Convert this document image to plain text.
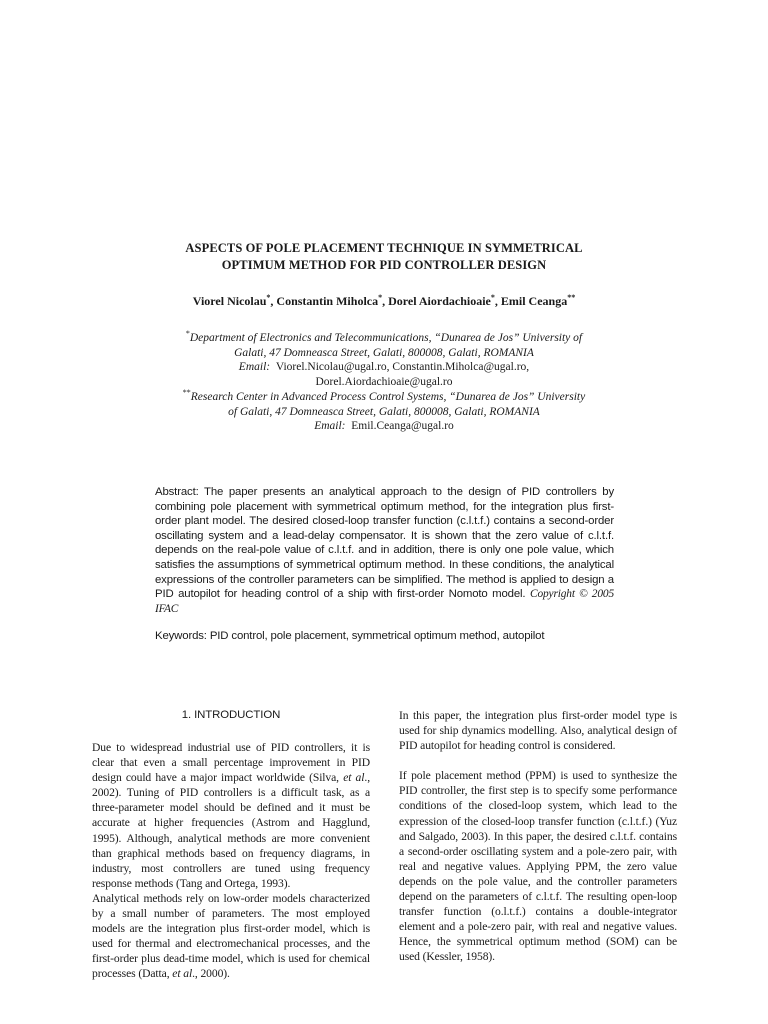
ASPECTS OF POLE PLACEMENT TECHNIQUE IN SYMMETRICAL
OPTIMUM METHOD FOR PID CONTROLLER DESIGN
Viorel Nicolau*, Constantin Miholca*, Dorel Aiordachioaie*, Emil Ceanga**
*Department of Electronics and Telecommunications, “Dunarea de Jos” University of
Galati, 47 Domneasca Street, Galati, 800008, Galati, ROMANIA
Email: Viorel.Nicolau@ugal.ro, Constantin.Miholca@ugal.ro,
Dorel.Aiordachioaie@ugal.ro
**Research Center in Advanced Process Control Systems, “Dunarea de Jos” University
of Galati, 47 Domneasca Street, Galati, 800008, Galati, ROMANIA
Email: Emil.Ceanga@ugal.ro
Abstract: The paper presents an analytical approach to the design of PID controllers by combining pole placement with symmetrical optimum method, for the integration plus first-order plant model. The desired closed-loop transfer function (c.l.t.f.) contains a second-order oscillating system and a lead-delay compensator. It is shown that the zero value of c.l.t.f. depends on the real-pole value of c.l.t.f. and in addition, there is only one pole value, which satisfies the assumptions of symmetrical optimum method. In these conditions, the analytical expressions of the controller parameters can be simplified. The method is applied to design a PID autopilot for heading control of a ship with first-order Nomoto model. Copyright © 2005 IFAC
Keywords: PID control, pole placement, symmetrical optimum method, autopilot
1. INTRODUCTION

Due to widespread industrial use of PID controllers, it is clear that even a small percentage improvement in PID design could have a major impact worldwide (Silva, et al., 2002). Tuning of PID controllers is a difficult task, as a three-parameter model should be defined and it must be accurate at higher frequencies (Astrom and Hagglund, 1995). Although, analytical methods are more convenient than graphical methods based on frequency diagrams, in industry, most controllers are tuned using frequency response methods (Tang and Ortega, 1993).

Analytical methods rely on low-order models characterized by a small number of parameters. The most employed models are the integration plus first-order model, which is used for thermal and electromechanical processes, and the first-order plus dead-time model, which is used for chemical processes (Datta, et al., 2000).

In this paper, the integration plus first-order model type is used for ship dynamics modelling. Also, analytical design of PID autopilot for heading control is considered.

If pole placement method (PPM) is used to synthesize the PID controller, the first step is to specify some performance conditions of the closed-loop system, which lead to the expression of the closed-loop transfer function (c.l.t.f.) (Yuz and Salgado, 2003). In this paper, the desired c.l.t.f. contains a second-order oscillating system and a pole-zero pair, with real and negative values. Applying PPM, the zero value depends on the pole value, and the controller parameters depend on the parameters of c.l.t.f. The resulting open-loop transfer function (o.l.t.f.) contains a double-integrator element and a pole-zero pair, with real and negative values. Hence, the symmetrical optimum method (SOM) can be used (Kessler, 1958).
